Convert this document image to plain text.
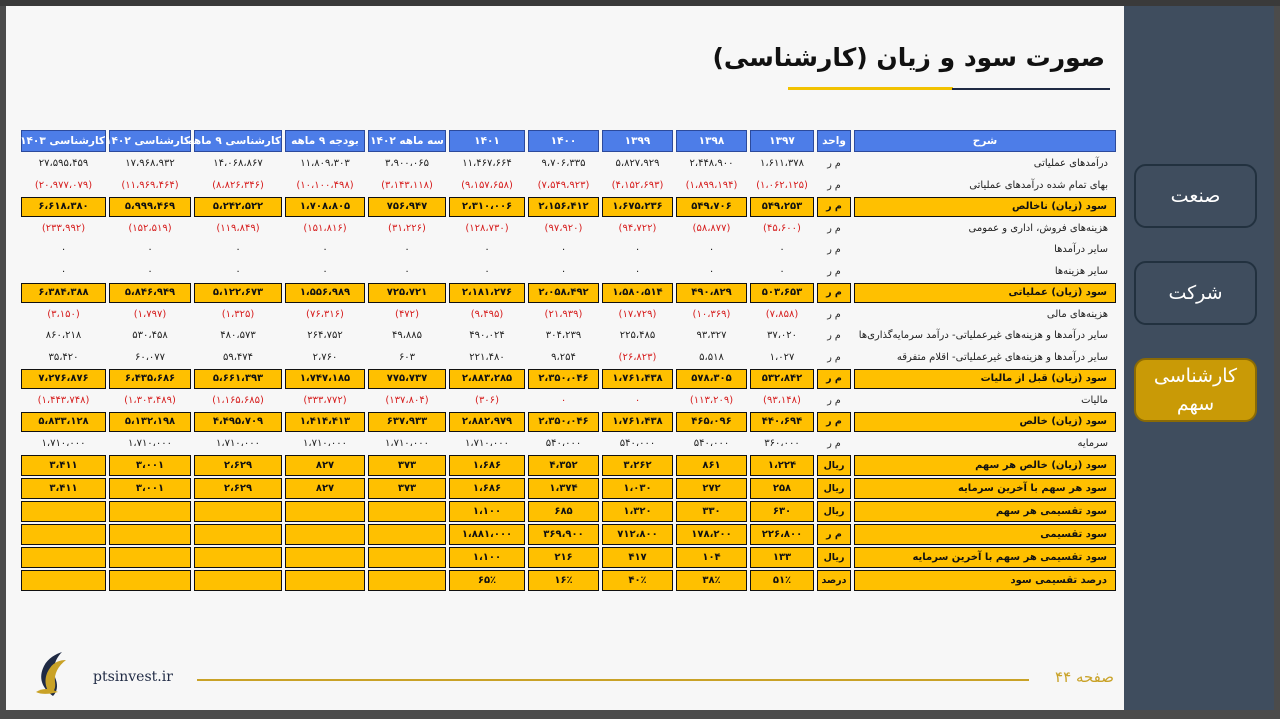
صنعت
شرکت
کارشناسی سهم
صورت سود و زیان (کارشناسی)
شرح	واحد	۱۳۹۷	۱۳۹۸	۱۳۹۹	۱۴۰۰	۱۴۰۱	سه ماهه ۱۴۰۲	بودجه ۹ ماهه	کارشناسی ۹ ماهه	کارشناسی ۱۴۰۲	کارشناسی ۱۴۰۳
درآمدهای عملیاتی	م ر	۱،۶۱۱،۳۷۸	۲،۴۴۸،۹۰۰	۵،۸۲۷،۹۲۹	۹،۷۰۶،۳۳۵	۱۱،۴۶۷،۶۶۴	۳،۹۰۰،۰۶۵	۱۱،۸۰۹،۳۰۳	۱۴،۰۶۸،۸۶۷	۱۷،۹۶۸،۹۳۲	۲۷،۵۹۵،۴۵۹
بهای تمام شده درآمدهای عملیاتی	م ر	(۱،۰۶۲،۱۲۵)	(۱،۸۹۹،۱۹۴)	(۴،۱۵۲،۶۹۳)	(۷،۵۴۹،۹۲۳)	(۹،۱۵۷،۶۵۸)	(۳،۱۴۳،۱۱۸)	(۱۰،۱۰۰،۴۹۸)	(۸،۸۲۶،۳۴۶)	(۱۱،۹۶۹،۴۶۴)	(۲۰،۹۷۷،۰۷۹)
سود (زیان) ناخالص	م ر	۵۴۹،۲۵۳	۵۴۹،۷۰۶	۱،۶۷۵،۲۳۶	۲،۱۵۶،۴۱۲	۲،۳۱۰،۰۰۶	۷۵۶،۹۴۷	۱،۷۰۸،۸۰۵	۵،۲۴۲،۵۲۲	۵،۹۹۹،۴۶۹	۶،۶۱۸،۳۸۰
هزینه‌های فروش، اداری و عمومی	م ر	(۴۵،۶۰۰)	(۵۸،۸۷۷)	(۹۴،۷۲۲)	(۹۷،۹۲۰)	(۱۲۸،۷۳۰)	(۳۱،۲۲۶)	(۱۵۱،۸۱۶)	(۱۱۹،۸۴۹)	(۱۵۲،۵۱۹)	(۲۳۳،۹۹۲)
سایر درآمدها	م ر	۰	۰	۰	۰	۰	۰	۰	۰	۰	۰
سایر هزینه‌ها	م ر	۰	۰	۰	۰	۰	۰	۰	۰	۰	۰
سود (زیان) عملیاتی	م ر	۵۰۳،۶۵۳	۴۹۰،۸۲۹	۱،۵۸۰،۵۱۴	۲،۰۵۸،۴۹۲	۲،۱۸۱،۲۷۶	۷۲۵،۷۲۱	۱،۵۵۶،۹۸۹	۵،۱۲۲،۶۷۳	۵،۸۴۶،۹۴۹	۶،۳۸۴،۳۸۸
هزینه‌های مالی	م ر	(۷،۸۵۸)	(۱۰،۳۶۹)	(۱۷،۷۲۹)	(۲۱،۹۳۹)	(۹،۴۹۵)	(۴۷۲)	(۷۶،۳۱۶)	(۱،۳۲۵)	(۱،۷۹۷)	(۳،۱۵۰)
سایر درآمدها و هزینه‌های غیرعملیاتی- درآمد سرمایه‌گذاری‌ها	م ر	۳۷،۰۲۰	۹۳،۳۲۷	۲۲۵،۴۸۵	۳۰۴،۲۳۹	۴۹۰،۰۲۴	۴۹،۸۸۵	۲۶۴،۷۵۲	۴۸۰،۵۷۳	۵۳۰،۴۵۸	۸۶۰،۲۱۸
سایر درآمدها و هزینه‌های غیرعملیاتی- اقلام متفرقه	م ر	۱،۰۲۷	۵،۵۱۸	(۲۶،۸۲۳)	۹،۲۵۴	۲۲۱،۴۸۰	۶۰۳	۲،۷۶۰	۵۹،۴۷۴	۶۰،۰۷۷	۳۵،۴۲۰
سود (زیان) قبل از مالیات	م ر	۵۳۲،۸۴۲	۵۷۸،۳۰۵	۱،۷۶۱،۴۳۸	۲،۳۵۰،۰۴۶	۲،۸۸۳،۲۸۵	۷۷۵،۷۳۷	۱،۷۴۷،۱۸۵	۵،۶۶۱،۳۹۳	۶،۴۳۵،۶۸۶	۷،۲۷۶،۸۷۶
مالیات	م ر	(۹۳،۱۴۸)	(۱۱۳،۲۰۹)	۰	۰	(۳۰۶)	(۱۳۷،۸۰۴)	(۳۳۳،۷۷۲)	(۱،۱۶۵،۶۸۵)	(۱،۳۰۳،۴۸۹)	(۱،۴۴۳،۷۴۸)
سود (زیان) خالص	م ر	۴۴۰،۶۹۴	۴۶۵،۰۹۶	۱،۷۶۱،۴۳۸	۲،۳۵۰،۰۴۶	۲،۸۸۲،۹۷۹	۶۳۷،۹۳۳	۱،۴۱۴،۴۱۳	۴،۴۹۵،۷۰۹	۵،۱۳۲،۱۹۸	۵،۸۳۳،۱۲۸
سرمایه	م ر	۳۶۰،۰۰۰	۵۴۰،۰۰۰	۵۴۰،۰۰۰	۵۴۰،۰۰۰	۱،۷۱۰،۰۰۰	۱،۷۱۰،۰۰۰	۱،۷۱۰،۰۰۰	۱،۷۱۰،۰۰۰	۱،۷۱۰،۰۰۰	۱،۷۱۰،۰۰۰
سود (زیان) خالص هر سهم	ریال	۱،۲۲۴	۸۶۱	۳،۲۶۲	۴،۳۵۲	۱،۶۸۶	۳۷۳	۸۲۷	۲،۶۲۹	۳،۰۰۱	۳،۴۱۱
سود هر سهم با آخرین سرمایه	ریال	۲۵۸	۲۷۲	۱،۰۳۰	۱،۳۷۴	۱،۶۸۶	۳۷۳	۸۲۷	۲،۶۲۹	۳،۰۰۱	۳،۴۱۱
سود تقسیمی هر سهم	ریال	۶۳۰	۳۳۰	۱،۳۲۰	۶۸۵	۱،۱۰۰					
سود تقسیمی	م ر	۲۲۶،۸۰۰	۱۷۸،۲۰۰	۷۱۲،۸۰۰	۳۶۹،۹۰۰	۱،۸۸۱،۰۰۰					
سود تقسیمی هر سهم با آخرین سرمایه	ریال	۱۳۳	۱۰۴	۴۱۷	۲۱۶	۱،۱۰۰					
درصد تقسیمی سود	درصد	۵۱٪	۳۸٪	۴۰٪	۱۶٪	۶۵٪					
ptsinvest.ir	صفحه ۴۴
